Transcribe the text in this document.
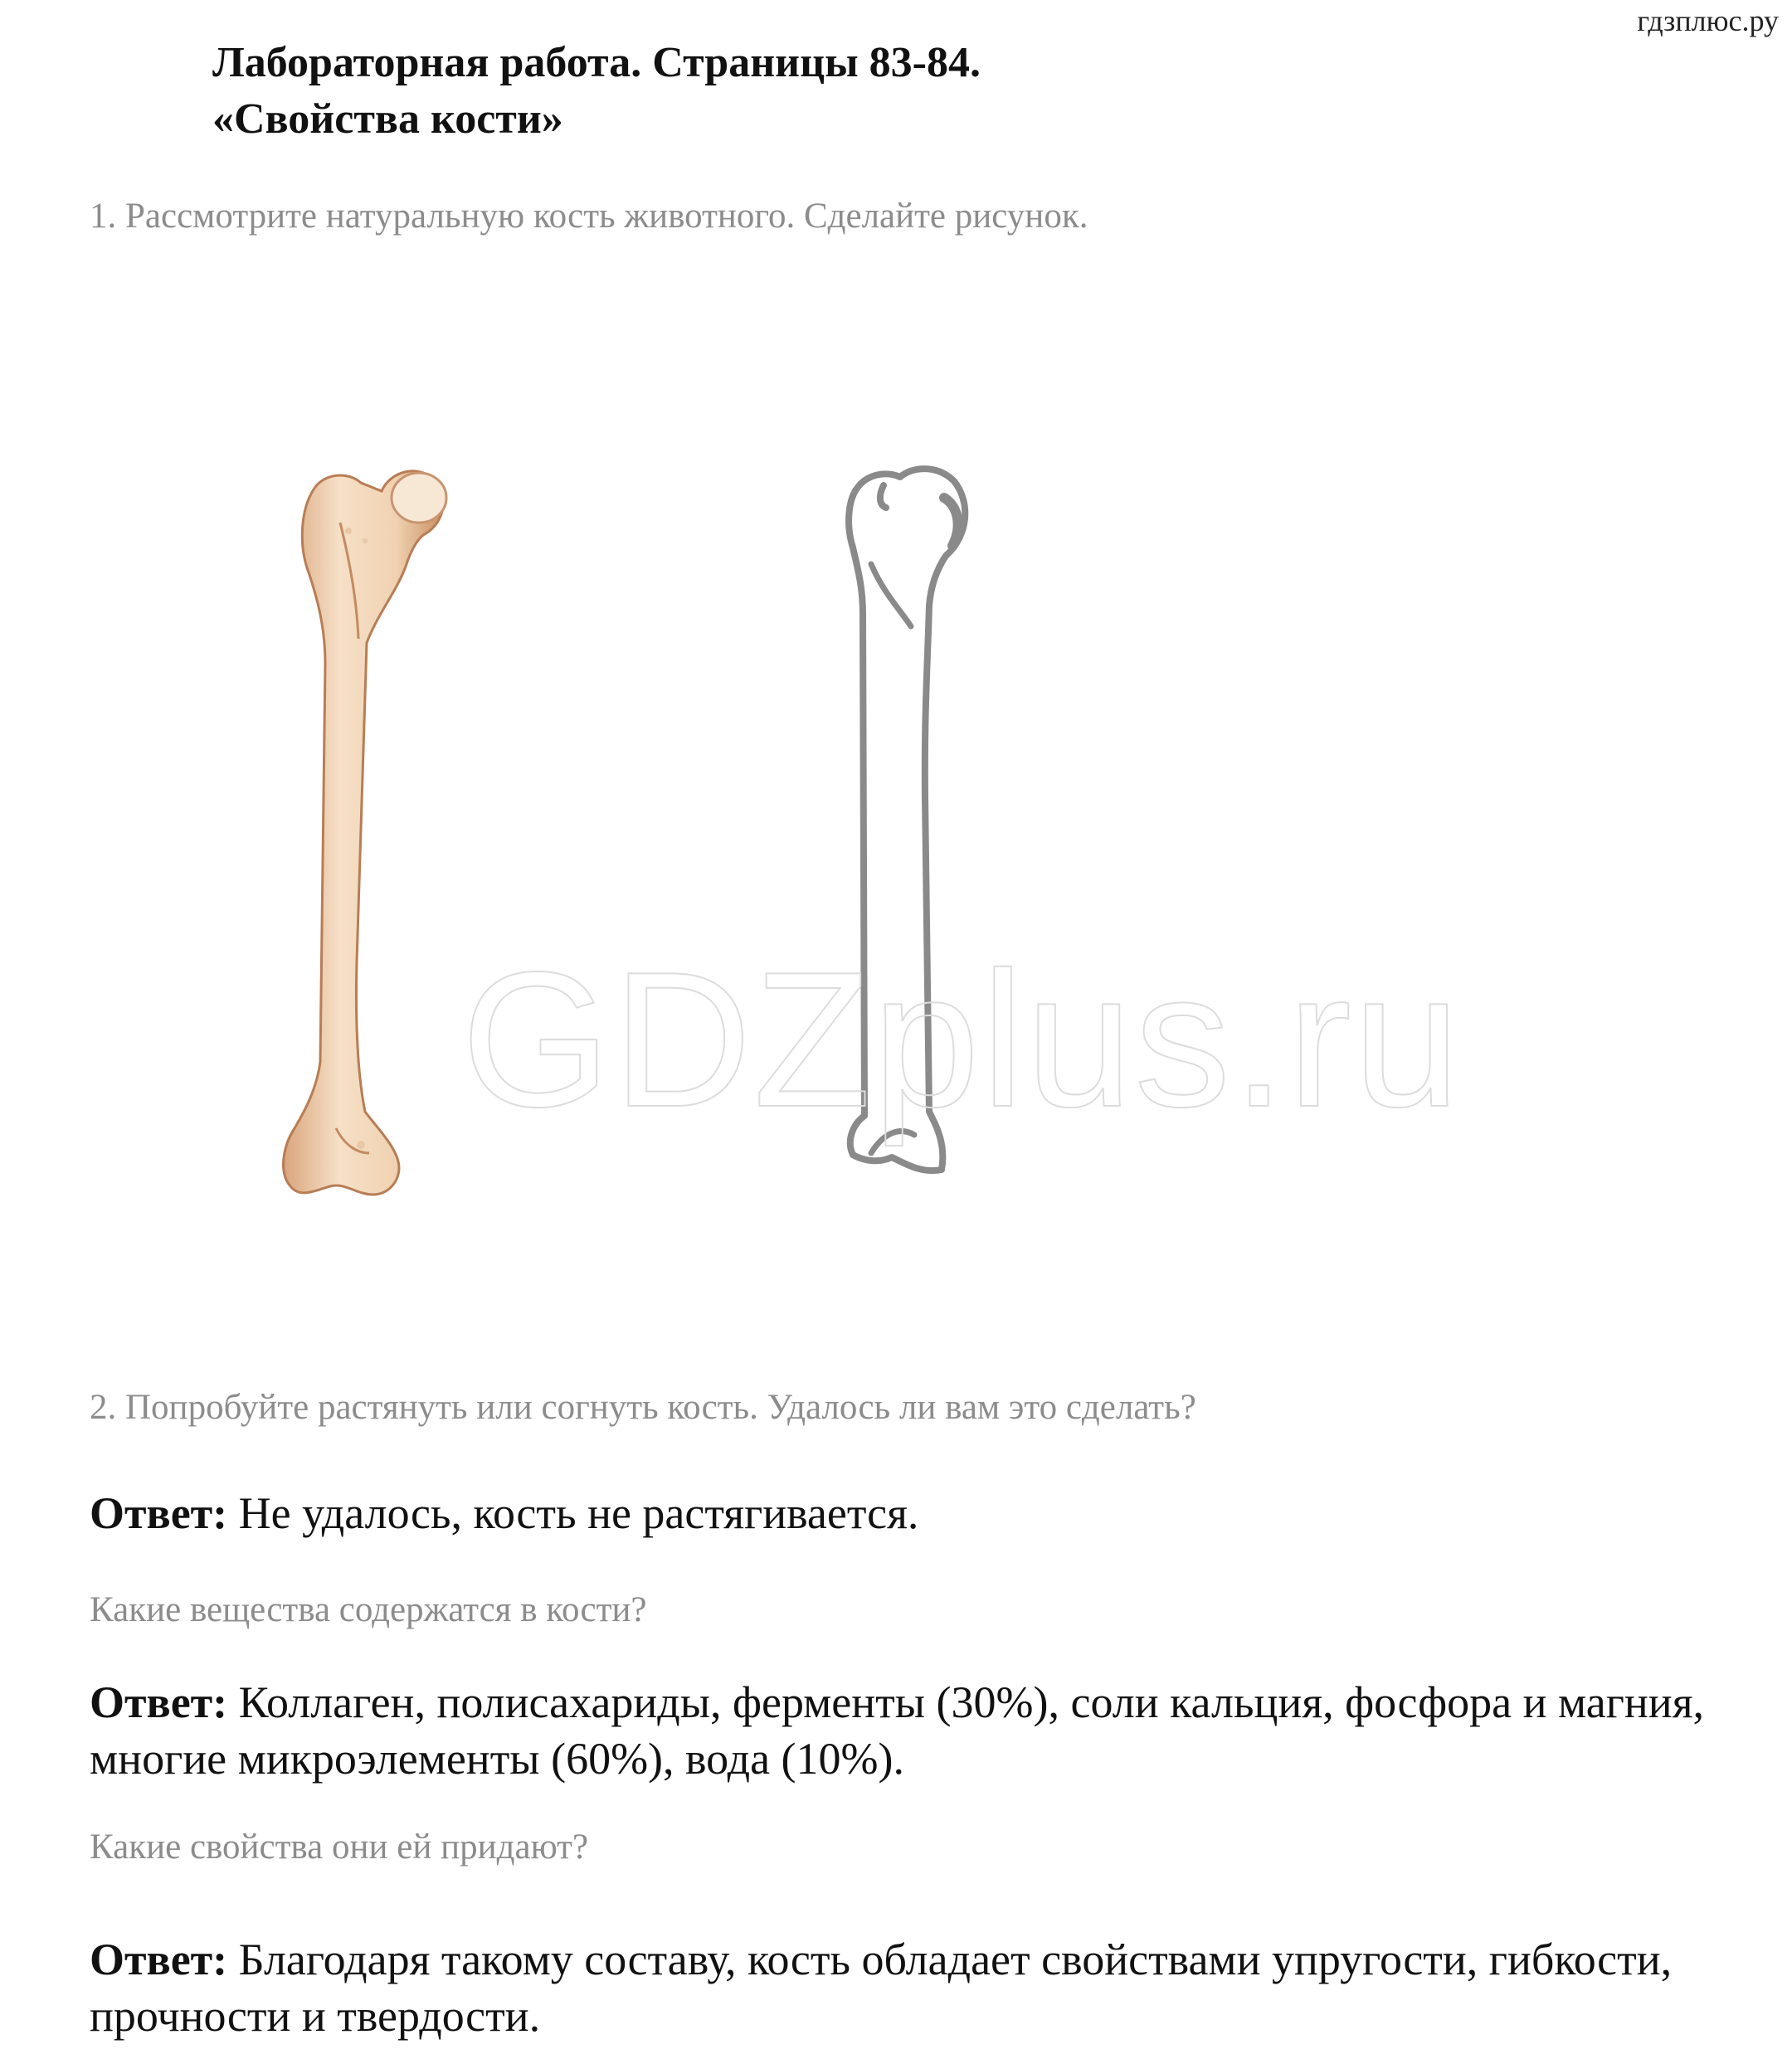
гдзплюс.ру
Лабораторная работа. Страницы 83-84.
«Свойства кости»
1. Рассмотрите натуральную кость животного. Сделайте рисунок.
GDZplus.ru
2. Попробуйте растянуть или согнуть кость. Удалось ли вам это сделать?
Ответ: Не удалось, кость не растягивается.
Какие вещества содержатся в кости?
Ответ: Коллаген, полисахариды, ферменты (30%), соли кальция, фосфора и магния, многие микроэлементы (60%), вода (10%).
Какие свойства они ей придают?
Ответ: Благодаря такому составу, кость обладает свойствами упругости, гибкости, прочности и твердости.
